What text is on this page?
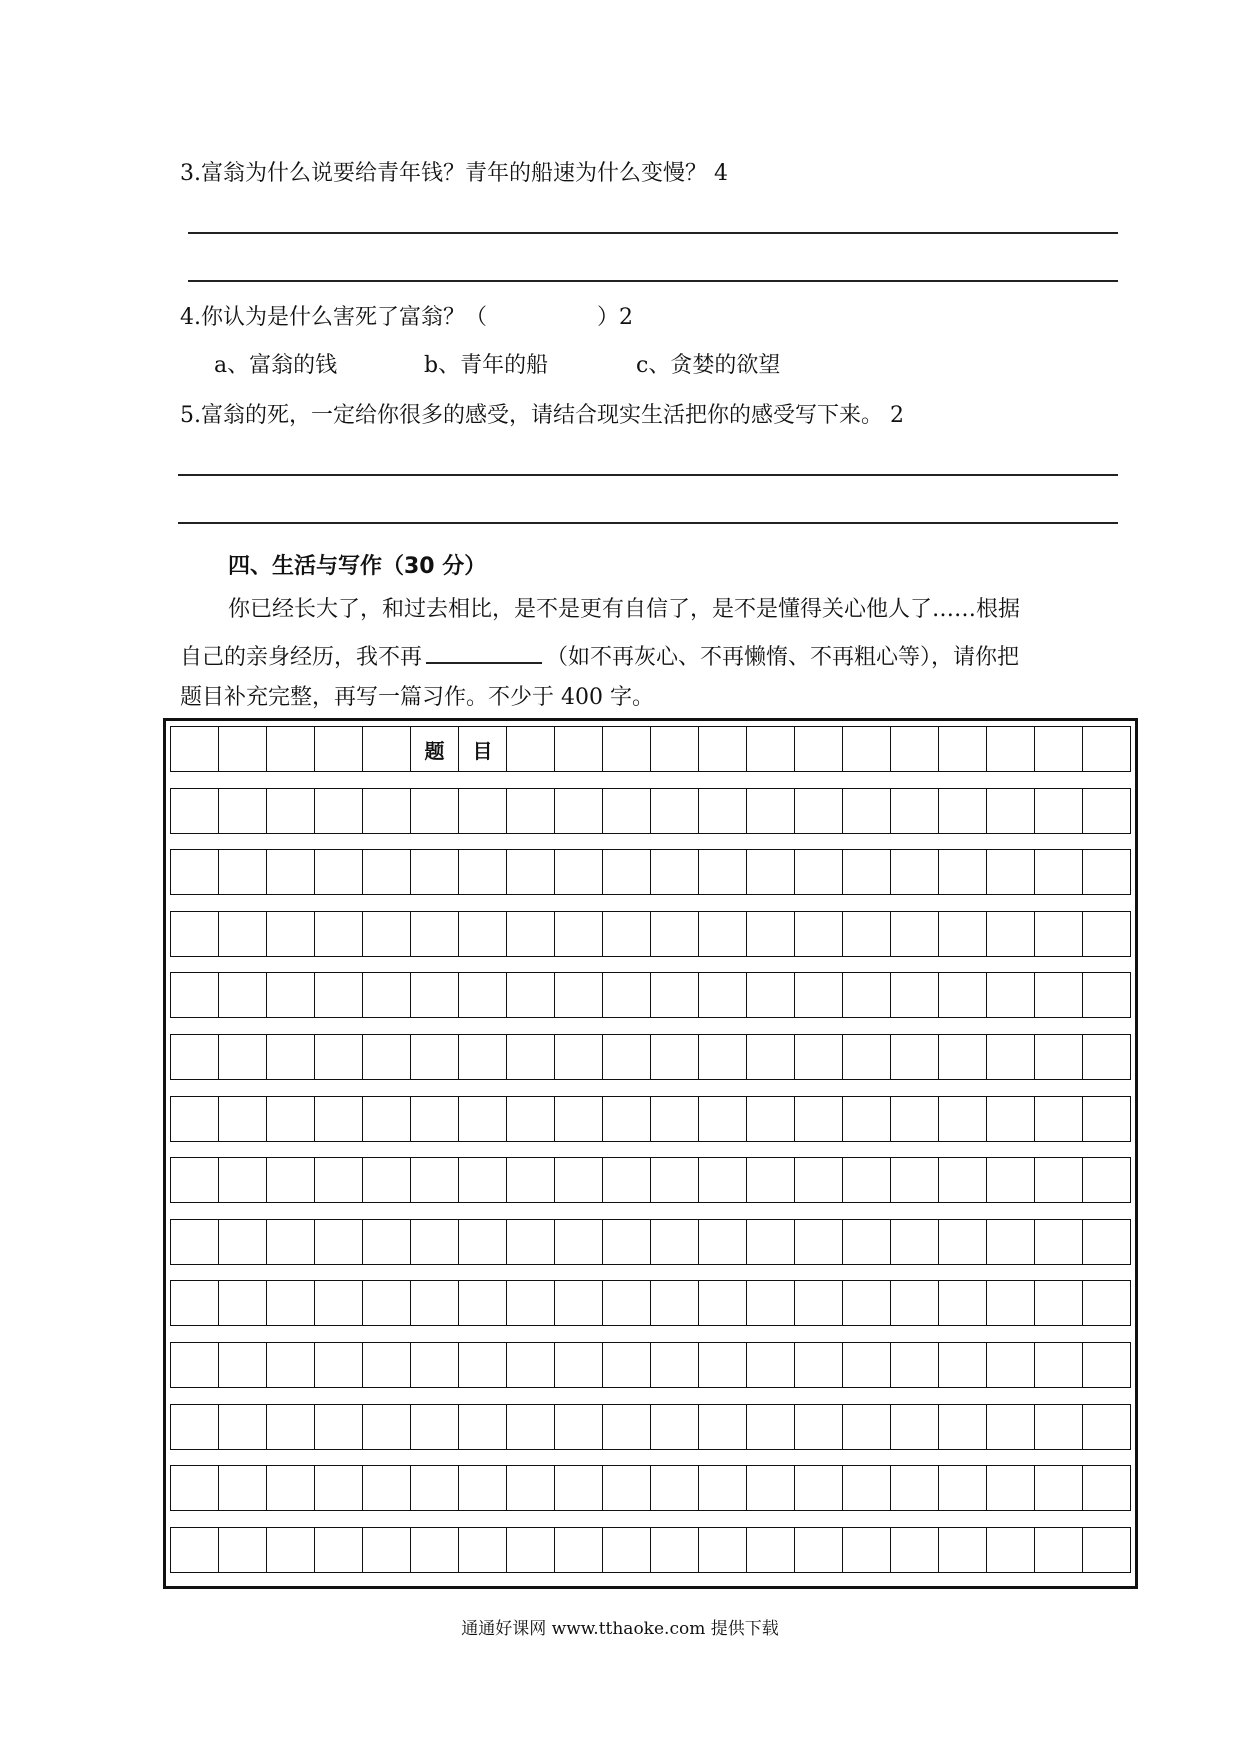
3.富翁为什么说要给青年钱？青年的船速为什么变慢？ 4
4.你认为是什么害死了富翁？（　　　　　）2
a、富翁的钱	b、青年的船	c、贪婪的欲望
5.富翁的死，一定给你很多的感受，请结合现实生活把你的感受写下来。 2
四、生活与写作（30 分）
你已经长大了，和过去相比，是不是更有自信了，是不是懂得关心他人了……根据
自己的亲身经历，我不再	（如不再灰心、不再懒惰、不再粗心等），请你把
题目补充完整，再写一篇习作。不少于 400 字。
题	目
通通好课网 www.tthaoke.com 提供下载
